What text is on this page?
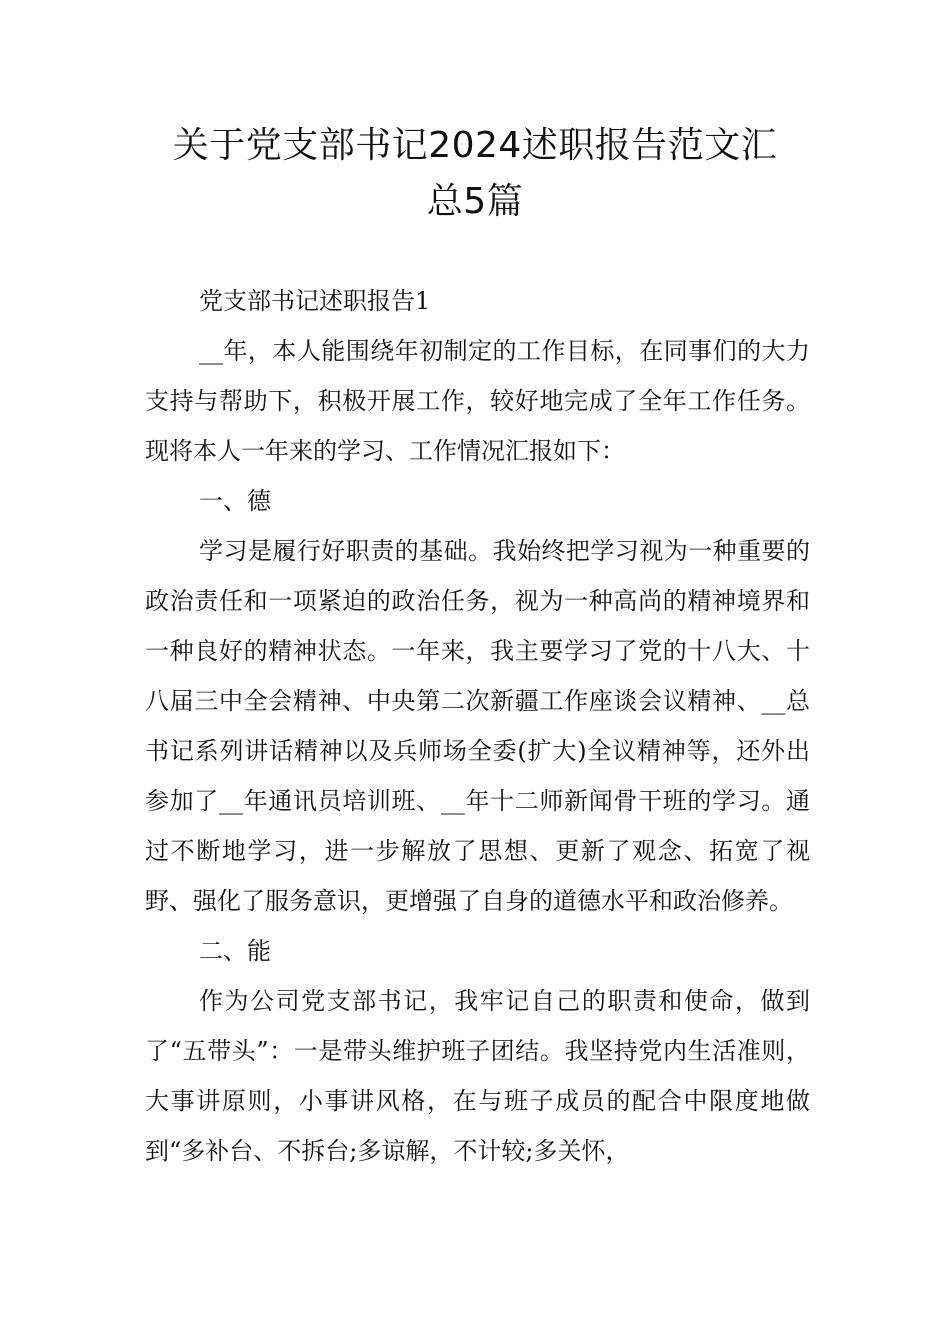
关于党支部书记2024述职报告范文汇
总5篇

党支部书记述职报告1

__年，本人能围绕年初制定的工作目标，在同事们的大力支持与帮助下，积极开展工作，较好地完成了全年工作任务。现将本人一年来的学习、工作情况汇报如下：

一、德

学习是履行好职责的基础。我始终把学习视为一种重要的政治责任和一项紧迫的政治任务，视为一种高尚的精神境界和一种良好的精神状态。一年来，我主要学习了党的十八大、十八届三中全会精神、中央第二次新疆工作座谈会议精神、__总书记系列讲话精神以及兵师场全委(扩大)全议精神等，还外出参加了__年通讯员培训班、__年十二师新闻骨干班的学习。通过不断地学习，进一步解放了思想、更新了观念、拓宽了视野、强化了服务意识，更增强了自身的道德水平和政治修养。

二、能

作为公司党支部书记，我牢记自己的职责和使命，做到了“五带头”：一是带头维护班子团结。我坚持党内生活准则，大事讲原则，小事讲风格，在与班子成员的配合中限度地做到“多补台、不拆台;多谅解，不计较;多关怀，
